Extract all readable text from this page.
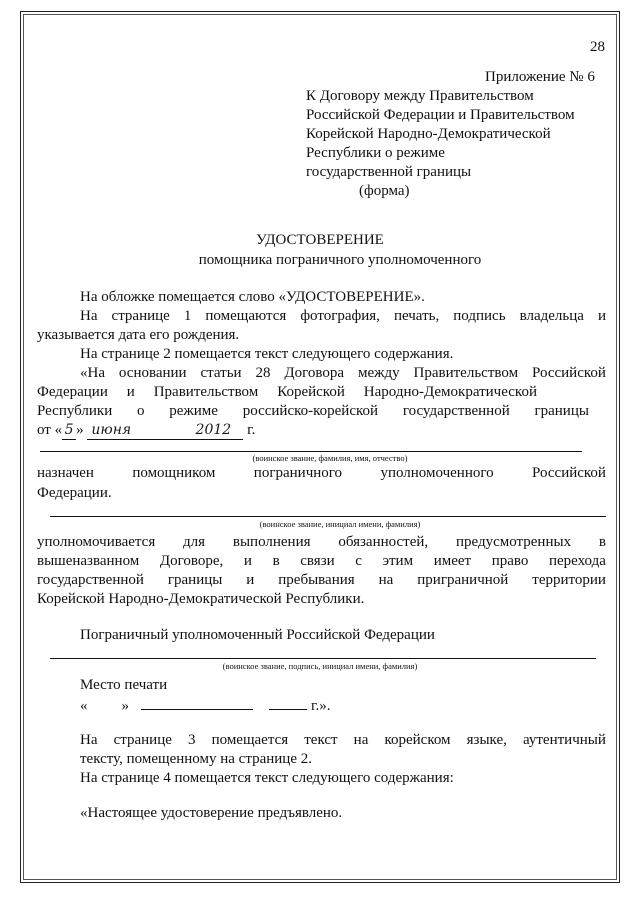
28
Приложение № 6
К Договору между Правительством
Российской Федерации и Правительством
Корейской Народно-Демократической
Республики о режиме
государственной границы
(форма)
УДОСТОВЕРЕНИЕ
помощника пограничного уполномоченного
На обложке помещается слово «УДОСТОВЕРЕНИЕ».
На странице 1 помещаются фотография, печать, подпись владельца и
указывается дата его рождения.
На странице 2 помещается текст следующего содержания.
«На основании статьи 28 Договора между Правительством Российской
Федерации и Правительством Корейской Народно-Демократической
Республики о режиме российско-корейской государственной границы
от « 5 » июня	2012 г.
(воинское звание, фамилия, имя, отчество)
назначен	помощником	пограничного	уполномоченного	Российской
Федерации.
(воинское звание, инициал имени, фамилия)
уполномочивается для выполнения обязанностей, предусмотренных в
вышеназванном Договоре, и в связи с этим имеет право перехода
государственной границы и пребывания на приграничной территории
Корейской Народно-Демократической Республики.
Пограничный уполномоченный Российской Федерации
(воинское звание, подпись, инициал имени, фамилия)
Место печати
« »	г.».
На странице 3 помещается текст на корейском языке, аутентичный
тексту, помещенному на странице 2.
На странице 4 помещается текст следующего содержания:
«Настоящее удостоверение предъявлено.
